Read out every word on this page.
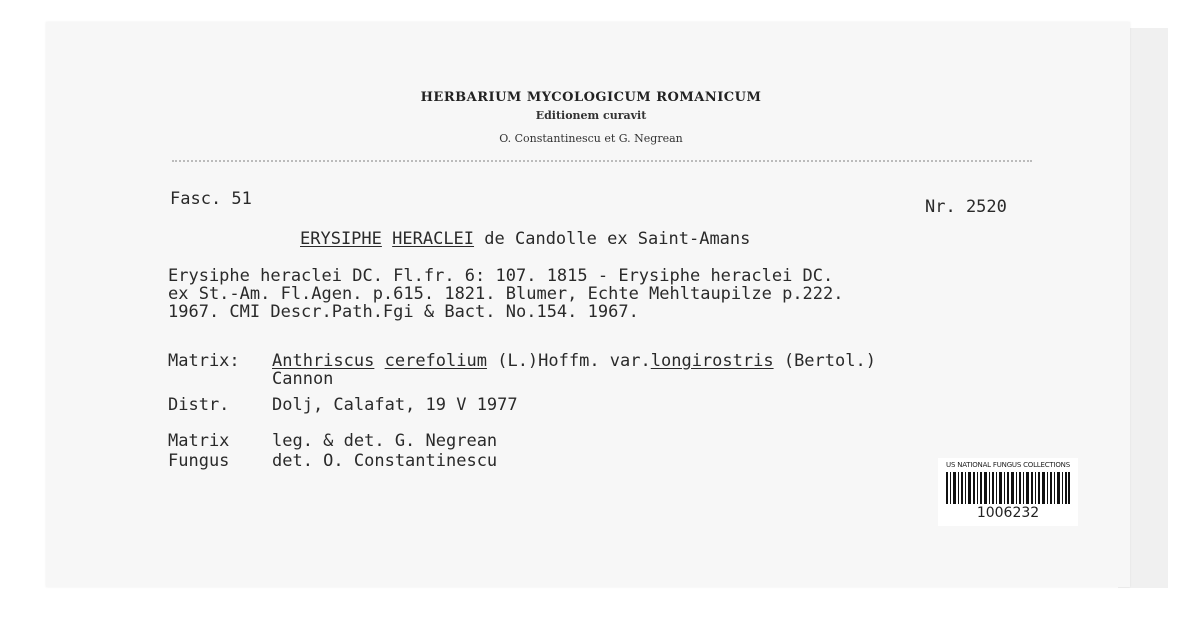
HERBARIUM MYCOLOGICUM ROMANICUM
Editionem curavit
O. Constantinescu et G. Negrean
Fasc. 51	Nr. 2520
ERYSIPHE HERACLEI de Candolle ex Saint-Amans
Erysiphe heraclei DC. Fl.fr. 6: 107. 1815 - Erysiphe heraclei DC.
ex St.-Am. Fl.Agen. p.615. 1821. Blumer, Echte Mehltaupilze p.222.
1967. CMI Descr.Path.Fgi & Bact. No.154. 1967.
Matrix: Anthriscus cerefolium (L.)Hoffm. var.longirostris (Bertol.)
Cannon
Distr.	Dolj, Calafat, 19 V 1977
Matrix	leg. & det. G. Negrean
Fungus	det. O. Constantinescu	US NATIONAL FUNGUS COLLECTIONS
1006232
